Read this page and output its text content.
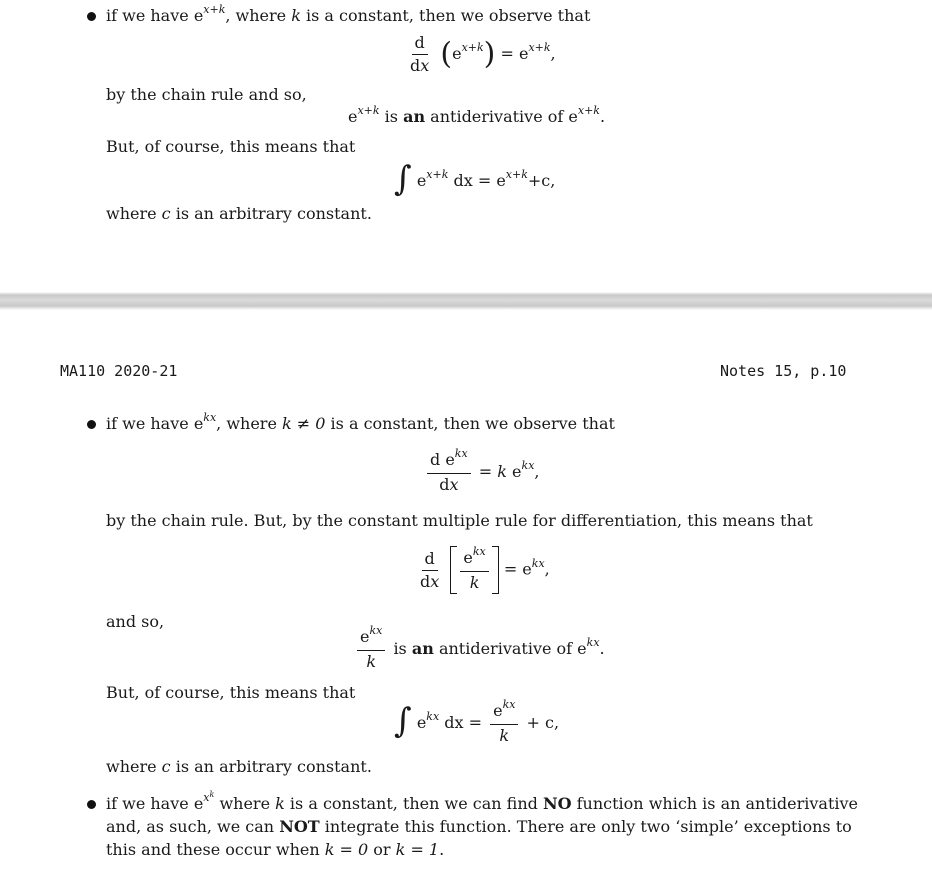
if we have $e^{x+k}$, where k is a constant, then we observe that
$\frac{d}{dx} (e^{x+k}) = e^{x+k}$,
by the chain rule and so,
$e^{x+k}$ is an antiderivative of $e^{x+k}$.
But, of course, this means that
∫ $e^{x+k}$ dx = $e^{x+k}+c$,
where c is an arbitrary constant.
MA110 2020-21	Notes 15, p.10
if we have $e^{kx}$, where k ≠ 0 is a constant, then we observe that
$\frac{d e^{kx}}{dx} = k$ $e^{kx}$,
by the chain rule. But, by the constant multiple rule for differentiation, this means that
$\frac{d}{dx}$
$\frac{e^{kx}}{k} = e^{kx}$,
and so,
$\frac{e^{kx}}{k}$ is an antiderivative of $e^{kx}$.
But, of course, this means that
∫ $e^{kx}$ dx = $\frac{e^{kx}}{k} + c$,
where c is an arbitrary constant.
if we have $e^{x^k}$ where k is a constant, then we can find NO function which is an antiderivative
and, as such, we can NOT integrate this function. There are only two ‘simple’ exceptions to
this and these occur when k = 0 or k = 1.
